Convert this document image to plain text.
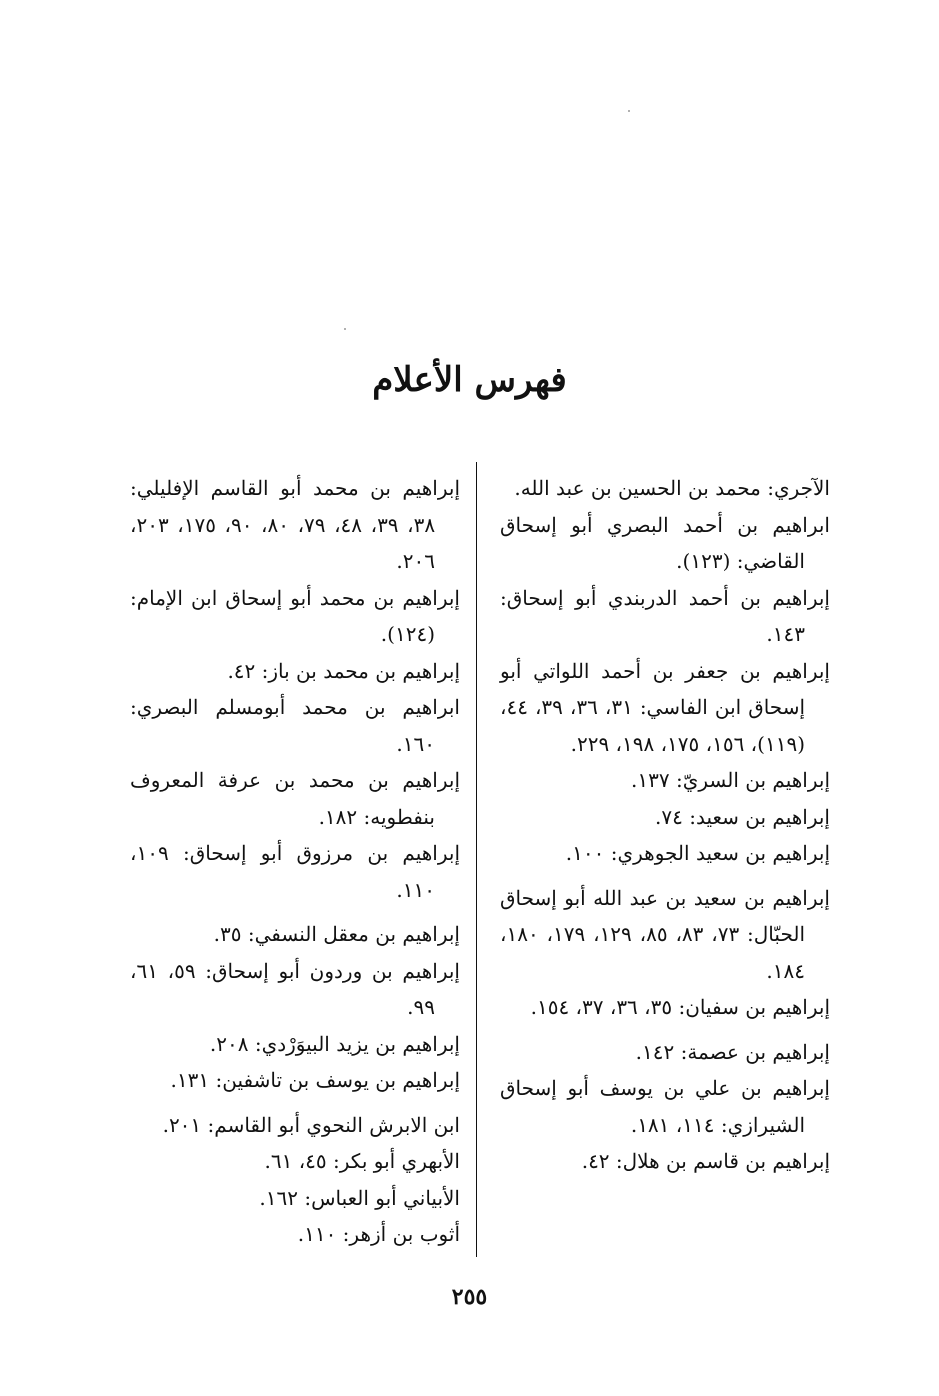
فهرس الأعلام
الآجري: محمد بن الحسين بن عبد الله.
ابراهيم بن أحمد البصري أبو إسحاق القاضي: (١٢٣).
إبراهيم بن أحمد الدربندي أبو إسحاق: ١٤٣.
إبراهيم بن جعفر بن أحمد اللواتي أبو إسحاق ابن الفاسي: ٣١، ٣٦، ٣٩، ٤٤، (١١٩)، ١٥٦، ١٧٥، ١٩٨، ٢٢٩.
إبراهيم بن السريّ: ١٣٧.
إبراهيم بن سعيد: ٧٤.
إبراهيم بن سعيد الجوهري: ١٠٠.
إبراهيم بن سعيد بن عبد الله أبو إسحاق الحبّال: ٧٣، ٨٣، ٨٥، ١٢٩، ١٧٩، ١٨٠، ١٨٤.
إبراهيم بن سفيان: ٣٥، ٣٦، ٣٧، ١٥٤.
إبراهيم بن عصمة: ١٤٢.
إبراهيم بن علي بن يوسف أبو إسحاق الشيرازي: ١١٤، ١٨١.
إبراهيم بن قاسم بن هلال: ٤٢.
إبراهيم بن محمد أبو القاسم الإفليلي: ٣٨، ٣٩، ٤٨، ٧٩، ٨٠، ٩٠، ١٧٥، ٢٠٣، ٢٠٦.
إبراهيم بن محمد أبو إسحاق ابن الإمام: (١٢٤).
إبراهيم بن محمد بن باز: ٤٢.
ابراهيم بن محمد أبومسلم البصري: ١٦٠.
إبراهيم بن محمد بن عرفة المعروف بنفطويه: ١٨٢.
إبراهيم بن مرزوق أبو إسحاق: ١٠٩، ١١٠.
إبراهيم بن معقل النسفي: ٣٥.
إبراهيم بن وردون أبو إسحاق: ٥٩، ٦١، ٩٩.
إبراهيم بن يزيد البيوَرْدي: ٢٠٨.
إبراهيم بن يوسف بن تاشفين: ١٣١.
ابن الابرش النحوي أبو القاسم: ٢٠١.
الأبهري أبو بكر: ٤٥، ٦١.
الأبياني أبو العباس: ١٦٢.
أثوب بن أزهر: ١١٠.
٢٥٥
